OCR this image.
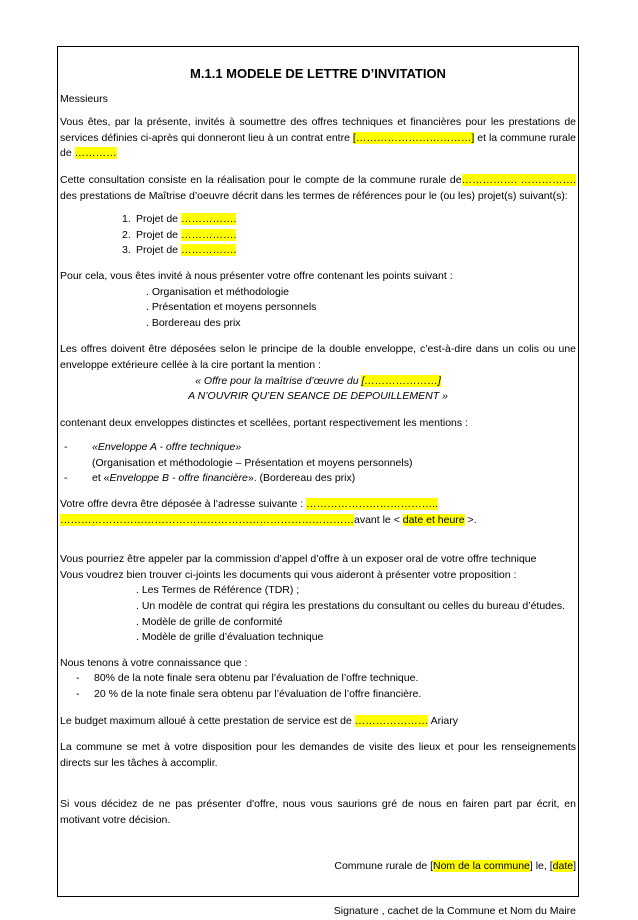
M.1.1 MODELE DE LETTRE D’INVITATION

Messieurs

Vous êtes, par la présente, invités à soumettre des offres techniques et financières pour les prestations de services définies ci-après qui donneront lieu à un contrat entre [……………………………] et la commune rurale de …………

Cette consultation consiste en la réalisation pour le compte de la commune rurale de……………. ……………. des prestations de Maîtrise d’oeuvre décrit dans les termes de références pour le (ou les) projet(s) suivant(s):

1. Projet de …………….
2. Projet de …………….
3. Projet de …………….

Pour cela, vous êtes invité à nous présenter votre offre contenant les points suivant :

. Organisation et méthodologie
. Présentation et moyens personnels
. Bordereau des prix

Les offres doivent être déposées selon le principe de la double enveloppe, c’est-à-dire dans un colis ou une enveloppe extérieure cellée à la cire portant la mention :

« Offre pour la maîtrise d’œuvre du […………………]
A N’OUVRIR QU’EN SEANCE DE DEPOUILLEMENT »

contenant deux enveloppes distinctes et scellées, portant respectivement les mentions :

-	«Enveloppe A - offre technique»
(Organisation et méthodologie – Présentation et moyens personnels)
-	et «Enveloppe B - offre financière». (Bordereau des prix)

Votre offre devra être déposée à l’adresse suivante : ………………………………..
…………………………………………………………………………avant le < date et heure >.

Vous pourriez être appeler par la commission d’appel d’offre à un exposer oral de votre offre technique
Vous voudrez bien trouver ci-joints les documents qui vous aideront à présenter votre proposition :
. Les Termes de Référence (TDR) ;
. Un modèle de contrat qui régira les prestations du consultant ou celles du bureau d’études.
. Modèle de grille de conformité
. Modèle de grille d’évaluation technique
Nous tenons à votre connaissance que :
-	80% de la note finale sera obtenu par l’évaluation de l’offre technique.
-	20 % de la note finale sera obtenu par l’évaluation de l’offre financière.

Le budget maximum alloué à cette prestation de service est de ………………… Ariary

La commune se met à votre disposition pour les demandes de visite des lieux et pour les renseignements directs sur les tâches à accomplir.

Si vous décidez de ne pas présenter d'offre, nous vous saurions gré de nous en fairen part par écrit, en motivant votre décision.

Commune rurale de [Nom de la commune] le, [date]
Signature , cachet de la Commune et Nom du Maire
